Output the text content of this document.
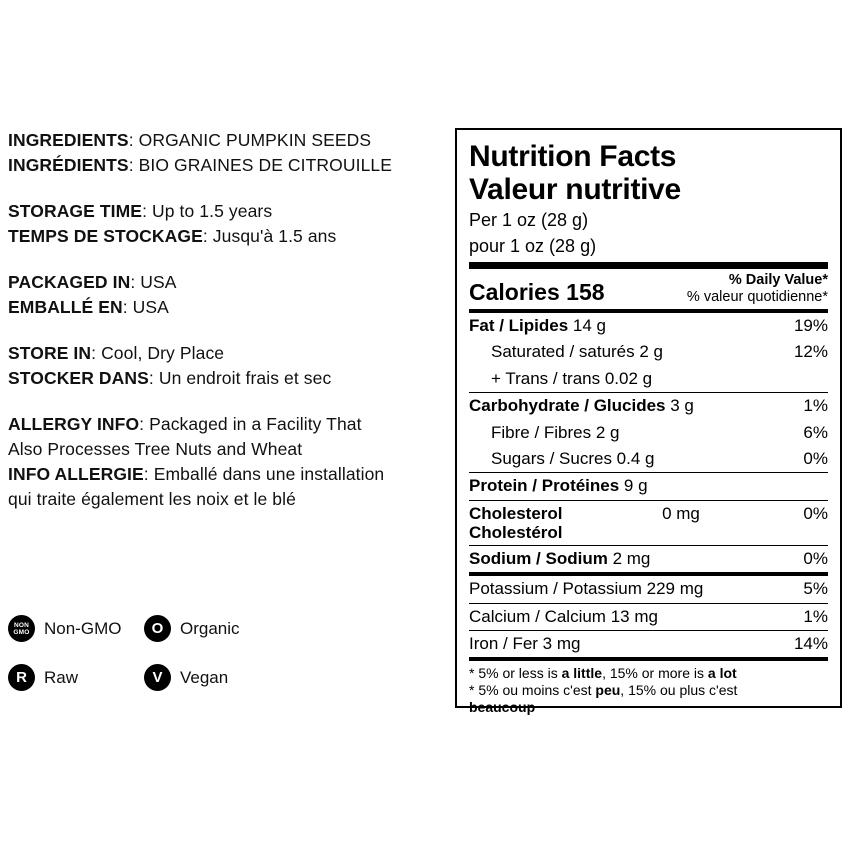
INGREDIENTS: ORGANIC PUMPKIN SEEDS
INGRÉDIENTS: BIO GRAINES DE CITROUILLE
STORAGE TIME: Up to 1.5 years
TEMPS DE STOCKAGE: Jusqu'à 1.5 ans
PACKAGED IN: USA
EMBALLÉ EN: USA
STORE IN: Cool, Dry Place
STOCKER DANS: Un endroit frais et sec
ALLERGY INFO: Packaged in a Facility That
Also Processes Tree Nuts and Wheat
INFO ALLERGIE: Emballé dans une installation
qui traite également les noix et le blé
NON
GMO Non-GMO O Organic
R Raw	V Vegan
Nutrition Facts
Valeur nutritive
Per 1 oz (28 g)
pour 1 oz (28 g)
Calories 158	% Daily Value*
% valeur quotidienne*
Fat / Lipides 14 g	19%
Saturated / saturés 2 g	12%
+ Trans / trans 0.02 g
Carbohydrate / Glucides 3 g	1%
Fibre / Fibres 2 g	6%
Sugars / Sucres 0.4 g	0%
Protein / Protéines 9 g
Cholesterol
Cholestérol
0 mg	0%
Sodium / Sodium 2 mg	0%
Potassium / Potassium 229 mg	5%
Calcium / Calcium 13 mg	1%
Iron / Fer 3 mg	14%
* 5% or less is a little, 15% or more is a lot
* 5% ou moins c'est peu, 15% ou plus c'est
beaucoup
